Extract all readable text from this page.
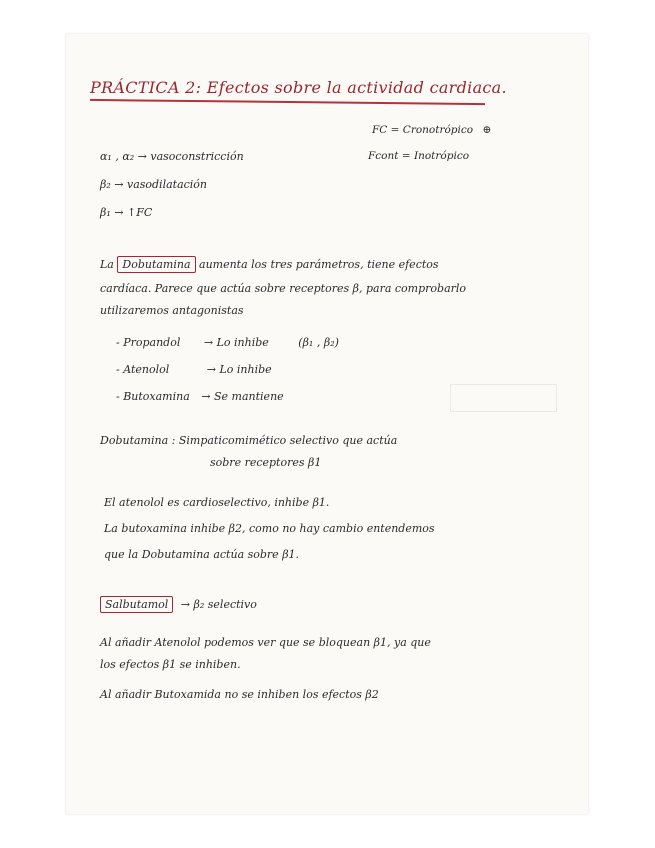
PRÁCTICA 2: Efectos sobre la actividad cardiaca.
FC = Cronotrópico ⊕
Fcont = Inotrópico
α₁ , α₂ → vasoconstricción
β₂ → vasodilatación
β₁ → ↑FC
La Dobutamina aumenta los tres parámetros, tiene efectos
cardíaca. Parece que actúa sobre receptores β, para comprobarlo
utilizaremos antagonistas
- Propandol → Lo inhibe	(β₁ , β₂)
- Atenolol	→ Lo inhibe
- Butoxamina → Se mantiene
Dobutamina : Simpaticomimético selectivo que actúa
sobre receptores β1
El atenolol es cardioselectivo, inhibe β1.
La butoxamina inhibe β2, como no hay cambio entendemos
que la Dobutamina actúa sobre β1.
Salbutamol → β₂ selectivo
Al añadir Atenolol podemos ver que se bloquean β1, ya que
los efectos β1 se inhiben.
Al añadir Butoxamida no se inhiben los efectos β2
